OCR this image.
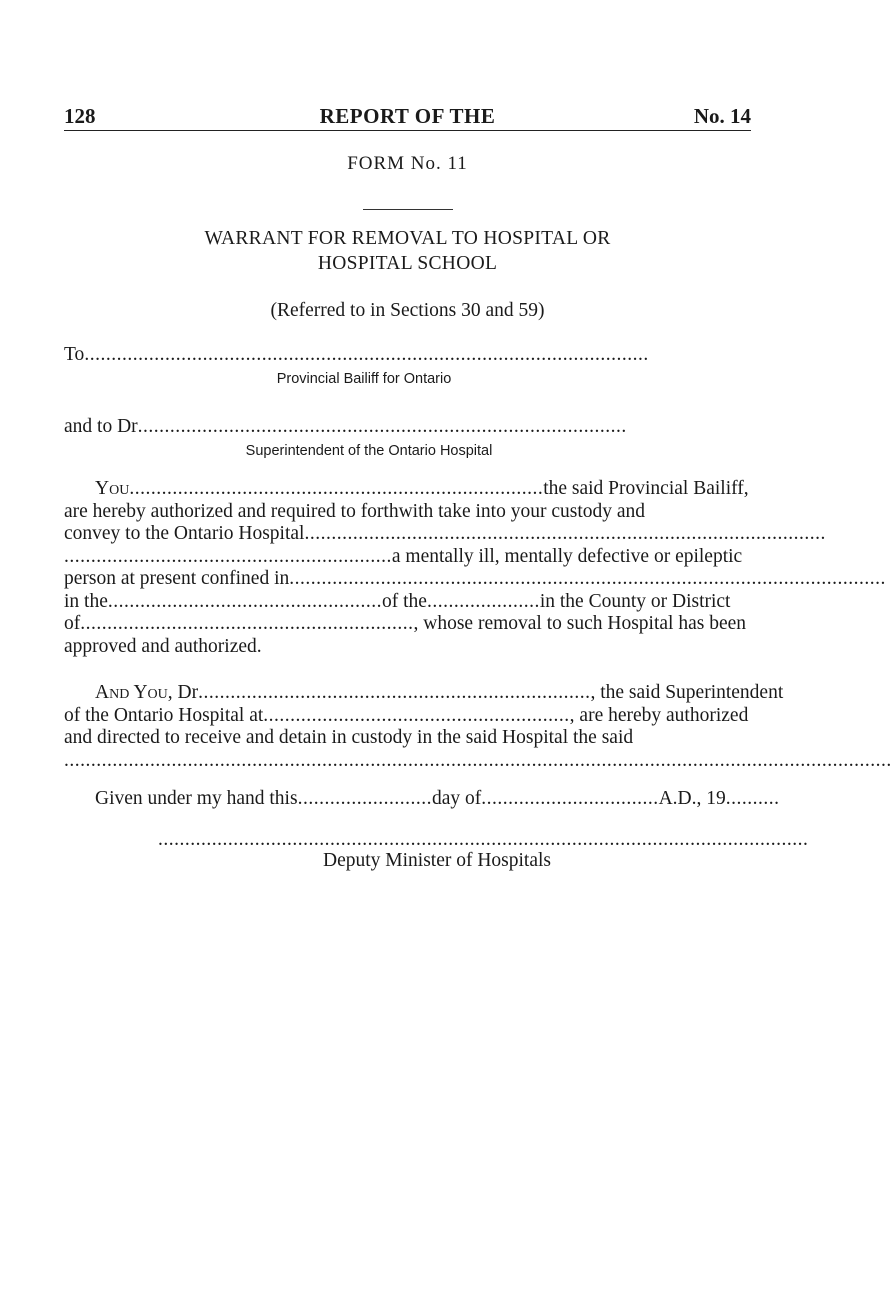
128	REPORT OF THE	No. 14
FORM No. 11
WARRANT FOR REMOVAL TO HOSPITAL OR
HOSPITAL SCHOOL
(Referred to in Sections 30 and 59)
To.........................................................................................................
Provincial Bailiff for Ontario
and to Dr...........................................................................................
Superintendent of the Ontario Hospital
You.............................................................................the said Provincial Bailiff,
are hereby authorized and required to forthwith take into your custody and
convey to the Ontario Hospital.................................................................................................
.............................................................a mentally ill, mentally defective or epileptic
person at present confined in...............................................................................................................
in the...................................................of the.....................in the County or District
of.............................................................., whose removal to such Hospital has been
approved and authorized.
And You, Dr........................................................................., the said Superintendent
of the Ontario Hospital at........................................................., are hereby authorized
and directed to receive and detain in custody in the said Hospital the said
..........................................................................................................................................................
Given under my hand this.........................day of.................................A.D., 19..........
.........................................................................................................................
Deputy Minister of Hospitals
